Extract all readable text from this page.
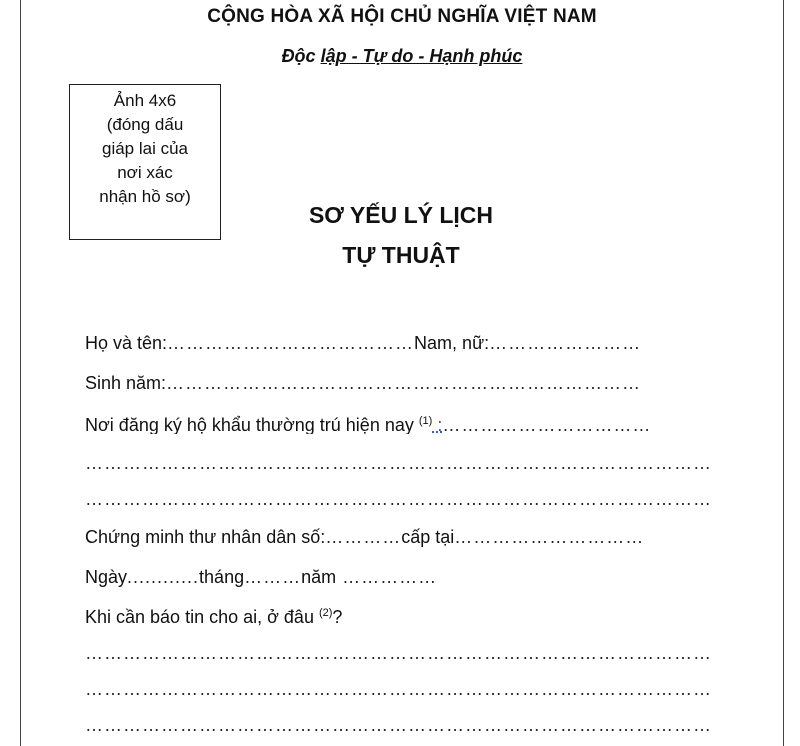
CỘNG HÒA XÃ HỘI CHỦ NGHĨA VIỆT NAM
Độc lập - Tự do - Hạnh phúc
Ảnh 4x6
(đóng dấu
giáp lai của
nơi xác
nhận hồ sơ)
SƠ YẾU LÝ LỊCH
TỰ THUẬT
Họ và tên:…………………………………Nam, nữ:……………………
Sinh năm:…………………………………………………………………
Nơi đăng ký hộ khẩu thường trú hiện nay $^{(1)}$ :……………………………
………………………………………………………………………………………
………………………………………………………………………………………
Chứng minh thư nhân dân số:…………cấp tại…………………………
Ngày............tháng………năm ……………
Khi cần báo tin cho ai, ở đâu $^{(2)}$?
………………………………………………………………………………………
………………………………………………………………………………………
………………………………………………………………………………………
